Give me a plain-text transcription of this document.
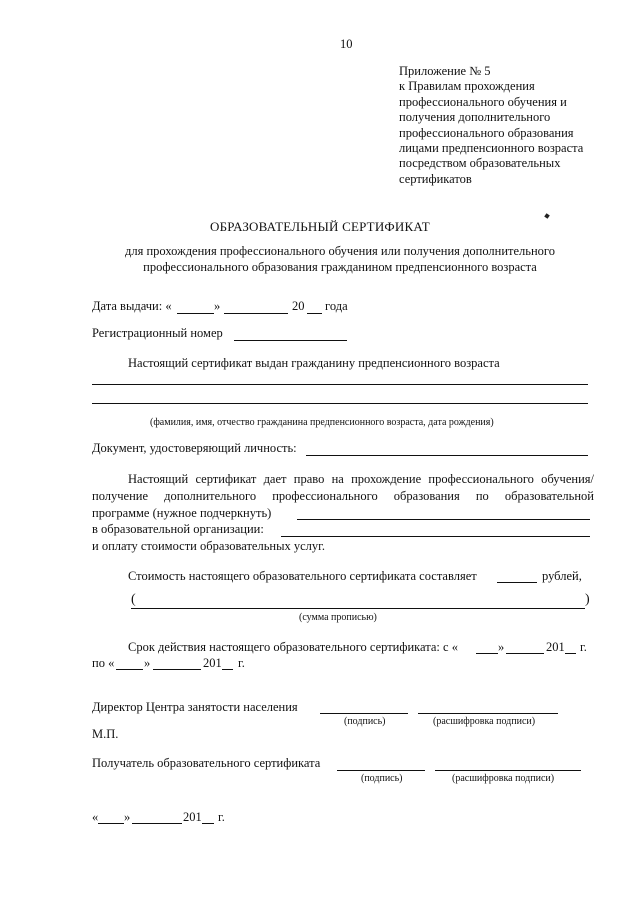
10
Приложение № 5
к Правилам прохождения
профессионального обучения и
получения дополнительного
профессионального образования
лицами предпенсионного возраста
посредством образовательных
сертификатов
ОБРАЗОВАТЕЛЬНЫЙ СЕРТИФИКАТ
для прохождения профессионального обучения или получения дополнительного
профессионального образования гражданином предпенсионного возраста
Дата выдачи: «	»	20 года
Регистрационный номер
Настоящий сертификат выдан гражданину предпенсионного возраста
(фамилия, имя, отчество гражданина предпенсионного возраста, дата рождения)
Документ, удостоверяющий личность:
Настоящий сертификат дает право на прохождение профессионального обучения/
получение дополнительного профессионального образования по образовательной
программе (нужное подчеркнуть)
в образовательной организации:
и оплату стоимости образовательных услуг.
Стоимость настоящего образовательного сертификата составляет	рублей,
(	)
(сумма прописью)
Срок действия настоящего образовательного сертификата: с «	»	201 г.
по « »	201 г.
Директор Центра занятости населения
(подпись)	(расшифровка подписи)
М.П.
Получатель образовательного сертификата
(подпись)	(расшифровка подписи)
« »	201 г.
